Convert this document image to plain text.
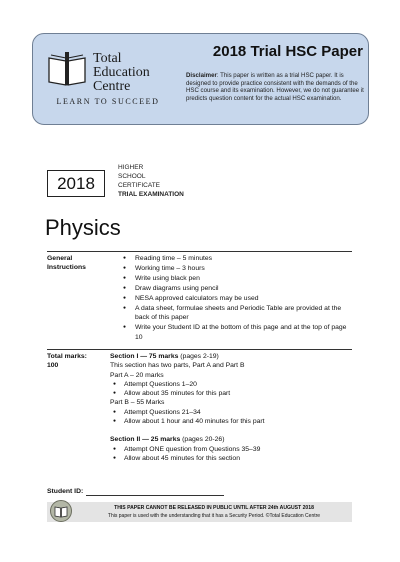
Total
Education
Centre
LEARN TO SUCCEED
2018 Trial HSC Paper
Disclaimer: This paper is written as a trial HSC paper. It is designed to provide practice consistent with the demands of the HSC course and its examination. However, we do not guarantee it predicts question content for the actual HSC examination.
2018
HIGHER
SCHOOL
CERTIFICATE
TRIAL EXAMINATION
Physics
General
Instructions
● Reading time – 5 minutes
● Working time – 3 hours
● Write using black pen
● Draw diagrams using pencil
● NESA approved calculators may be used
● A data sheet, formulae sheets and Periodic Table are provided at the back of this paper
● Write your Student ID at the bottom of this page and at the top of page 10
Total marks:
100
Section I — 75 marks (pages 2-19)
This section has two parts, Part A and Part B
Part A – 20 marks
● Attempt Questions 1–20
● Allow about 35 minutes for this part
Part B – 55 Marks
● Attempt Questions 21–34
● Allow about 1 hour and 40 minutes for this part
Section II — 25 marks (pages 20-26)
● Attempt ONE question from Questions 35–39
● Allow about 45 minutes for this section
Student ID:
THIS PAPER CANNOT BE RELEASED IN PUBLIC UNTIL AFTER 24th AUGUST 2018
This paper is used with the understanding that it has a Security Period. ©Total Education Centre
